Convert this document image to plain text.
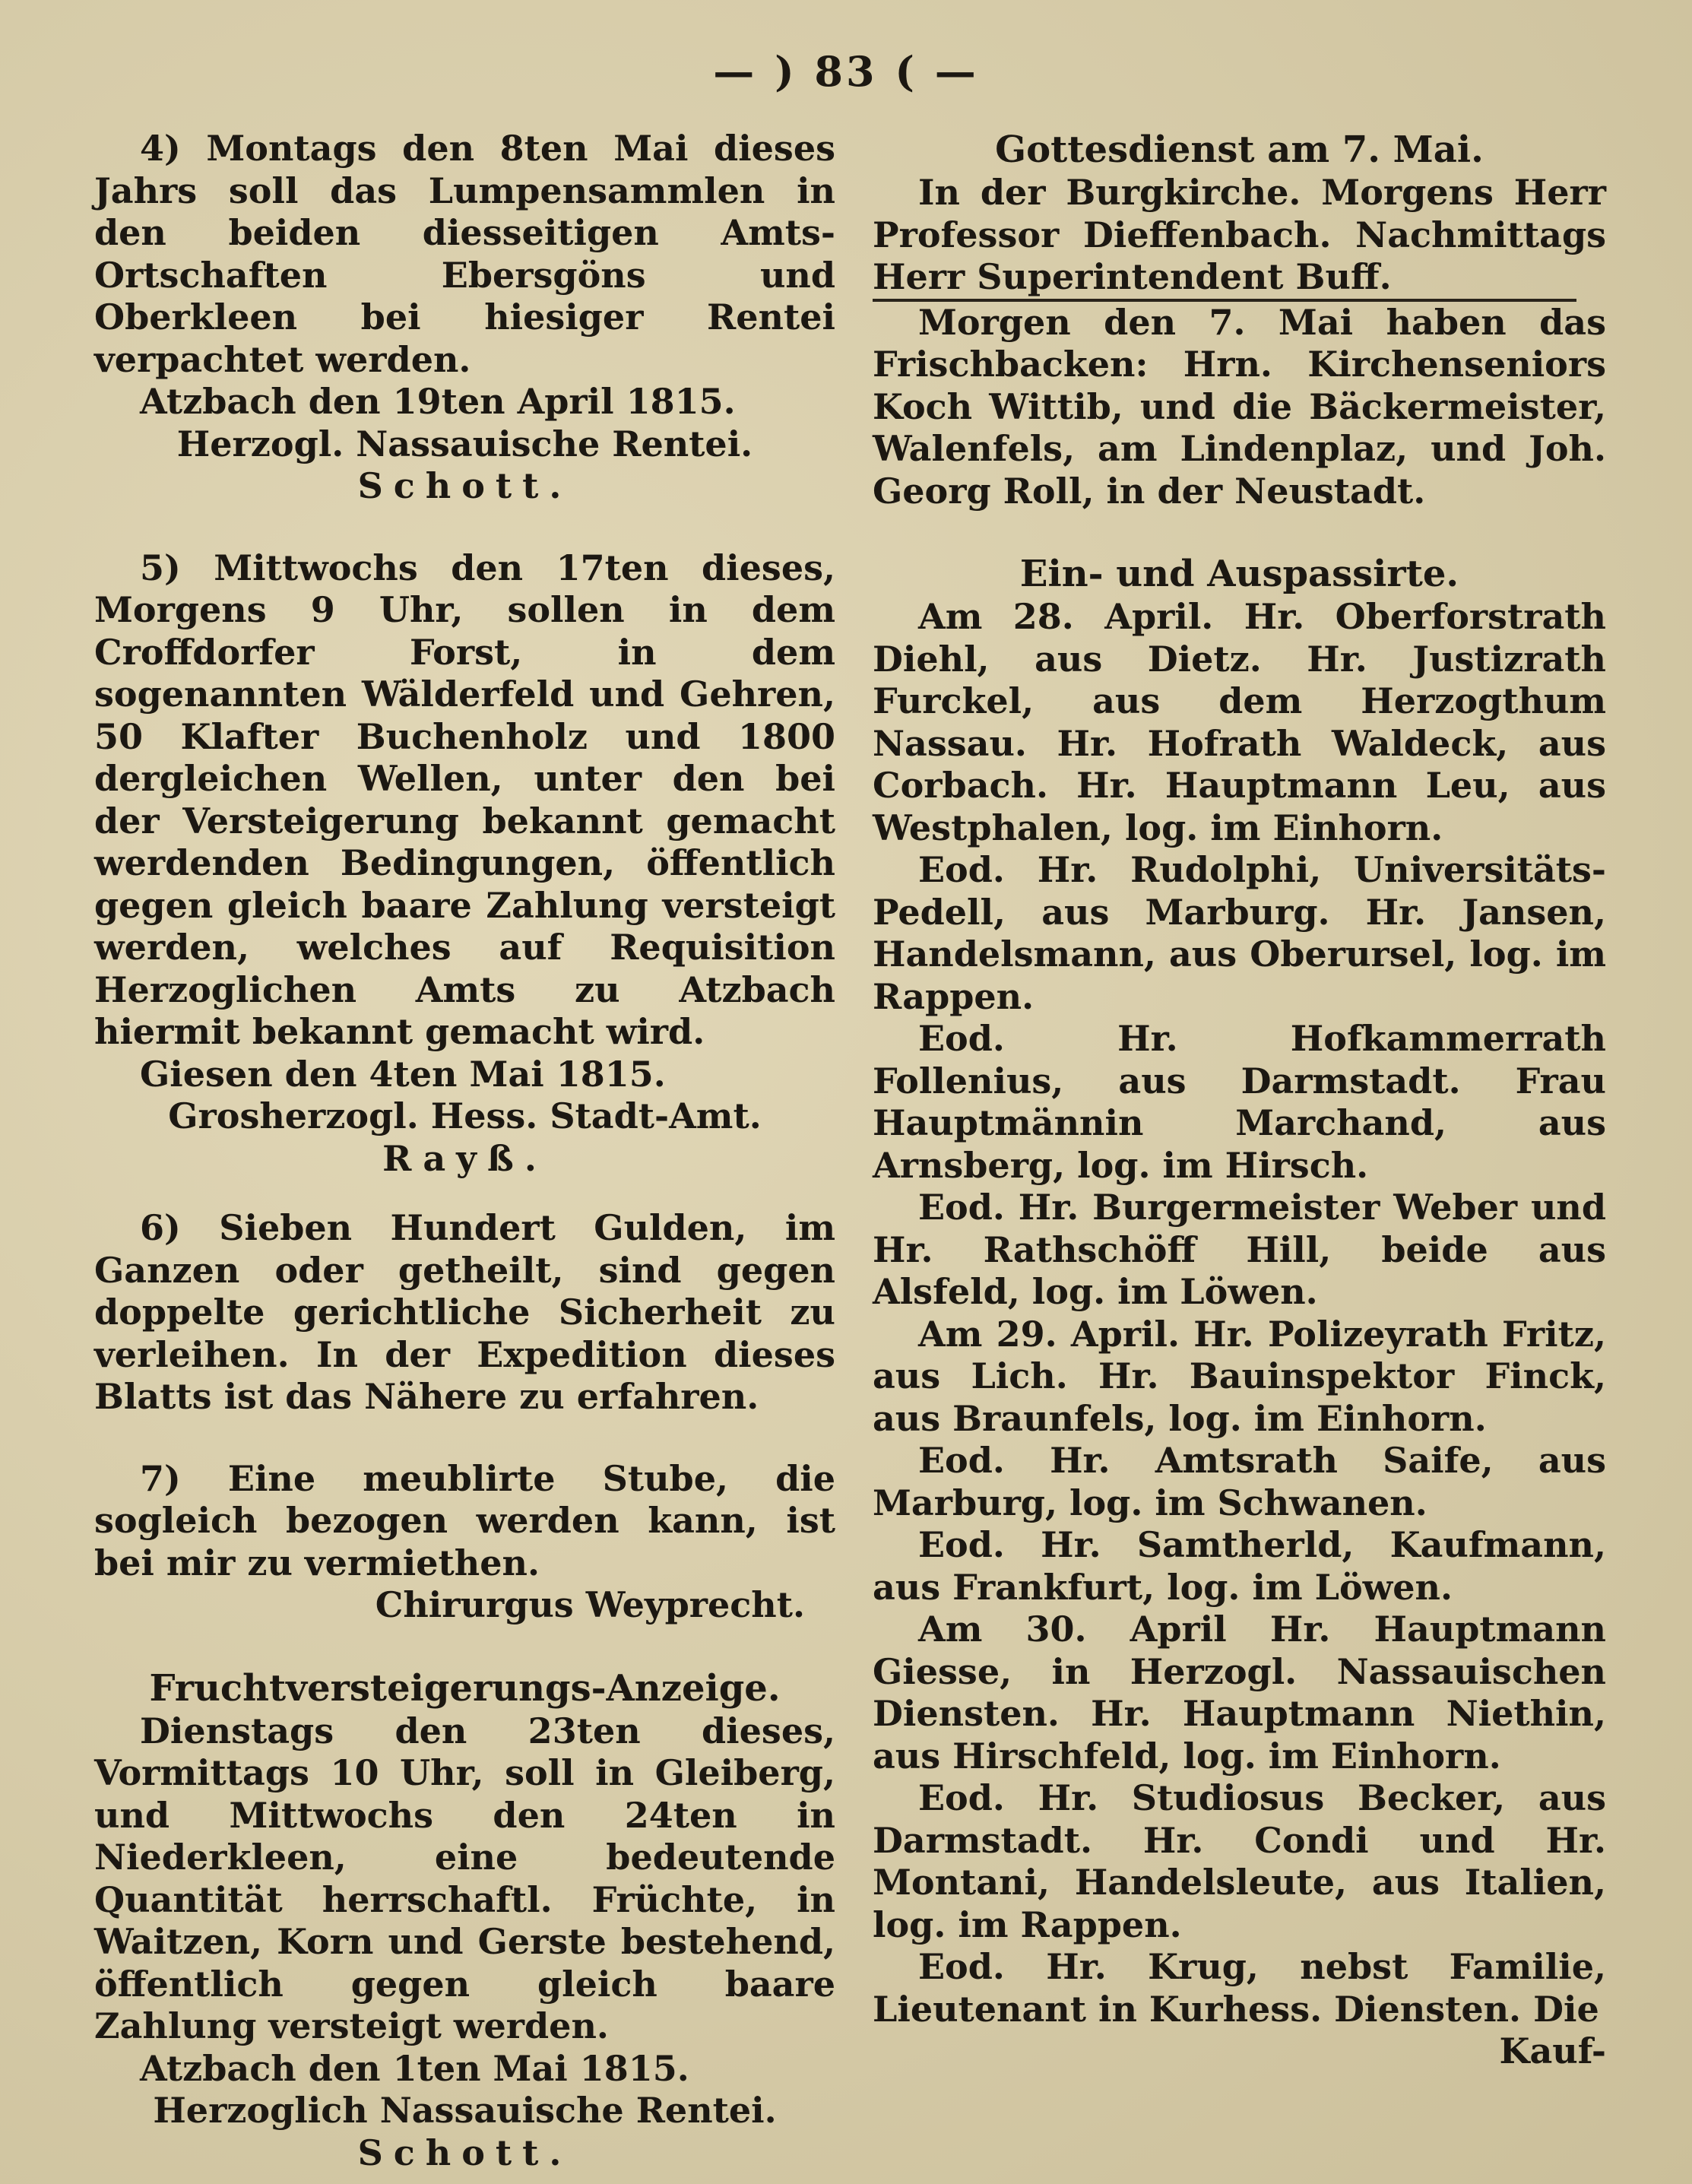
— ) 83 ( —

4) Montags den 8ten Mai dieses Jahrs soll das Lumpensammlen in den beiden diesseitigen Amts-Ortschaften Ebersgöns und Oberkleen bei hiesiger Rentei verpachtet werden.

Atzbach den 19ten April 1815.

Herzogl. Nassauische Rentei.
Schott.

5) Mittwochs den 17ten dieses, Morgens 9 Uhr, sollen in dem Croffdorfer Forst, in dem sogenannten Wälderfeld und Gehren, 50 Klafter Buchenholz und 1800 dergleichen Wellen, unter den bei der Versteigerung bekannt gemacht werdenden Bedingungen, öffentlich gegen gleich baare Zahlung versteigt werden, welches auf Requisition Herzoglichen Amts zu Atzbach hiermit bekannt gemacht wird.

Giesen den 4ten Mai 1815.

Grosherzogl. Hess. Stadt-Amt.
Rayß.

6) Sieben Hundert Gulden, im Ganzen oder getheilt, sind gegen doppelte gerichtliche Sicherheit zu verleihen. In der Expedition dieses Blatts ist das Nähere zu erfahren.

7) Eine meublirte Stube, die sogleich bezogen werden kann, ist bei mir zu vermiethen.

Chirurgus Weyprecht.
Fruchtversteigerungs-Anzeige.

Dienstags den 23ten dieses, Vormittags 10 Uhr, soll in Gleiberg, und Mittwochs den 24ten in Niederkleen, eine bedeutende Quantität herrschaftl. Früchte, in Waitzen, Korn und Gerste bestehend, öffentlich gegen gleich baare Zahlung versteigt werden.

Atzbach den 1ten Mai 1815.

Herzoglich Nassauische Rentei.
Schott.
Gottesdienst am 7. Mai.

In der Burgkirche. Morgens Herr Professor Dieffenbach. Nachmittags Herr Superintendent Buff.

Morgen den 7. Mai haben das Frischbacken: Hrn. Kirchenseniors Koch Wittib, und die Bäckermeister, Walenfels, am Lindenplaz, und Joh. Georg Roll, in der Neustadt.

Ein- und Auspassirte.

Am 28. April. Hr. Oberforstrath Diehl, aus Dietz. Hr. Justizrath Furckel, aus dem Herzogthum Nassau. Hr. Hofrath Waldeck, aus Corbach. Hr. Hauptmann Leu, aus Westphalen, log. im Einhorn.

Eod. Hr. Rudolphi, Universitäts-Pedell, aus Marburg. Hr. Jansen, Handelsmann, aus Oberursel, log. im Rappen.

Eod. Hr. Hofkammerrath Follenius, aus Darmstadt. Frau Hauptmännin Marchand, aus Arnsberg, log. im Hirsch.

Eod. Hr. Burgermeister Weber und Hr. Rathschöff Hill, beide aus Alsfeld, log. im Löwen.

Am 29. April. Hr. Polizeyrath Fritz, aus Lich. Hr. Bauinspektor Finck, aus Braunfels, log. im Einhorn.

Eod. Hr. Amtsrath Saife, aus Marburg, log. im Schwanen.

Eod. Hr. Samtherld, Kaufmann, aus Frankfurt, log. im Löwen.

Am 30. April Hr. Hauptmann Giesse, in Herzogl. Nassauischen Diensten. Hr. Hauptmann Niethin, aus Hirschfeld, log. im Einhorn.

Eod. Hr. Studiosus Becker, aus Darmstadt. Hr. Condi und Hr. Montani, Handelsleute, aus Italien, log. im Rappen.

Eod. Hr. Krug, nebst Familie, Lieutenant in Kurhess. Diensten. Die

Kauf-
